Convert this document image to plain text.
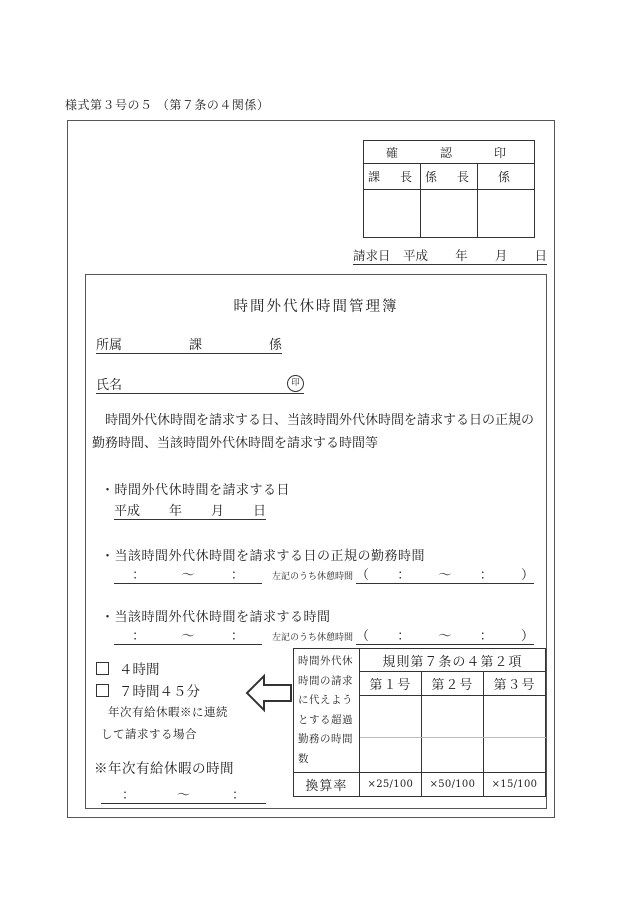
様式第３号の５ （第７条の４関係）
確　　認　　印		
課　長	係　長	係

請求日　平成 年 月 日
時間外代休時間管理簿
所属	課	係
氏名	印
時間外代休時間を請求する日、当該時間外代休時間を請求する日の正規の勤務時間、当該時間外代休時間を請求する時間等
・時間外代休時間を請求する日
平成 年 月 日
・当該時間外代休時間を請求する日の正規の勤務時間
：	～	：	左記のうち休憩時間 （ ： ～ ： ）
・当該時間外代休時間を請求する時間
：	～	：	左記のうち休憩時間 （ ： ～ ： ）
４時間
７時間４５分
年次有給休暇※に連続
して請求する場合
※年次有給休暇の時間
：	～	：
時間外代休
時間の請求
に代えよう
とする超過
勤務の時間
数
	規則第７条の４第２項
	第１号	第２号	第３号

換算率	×25/100	×50/100	×15/100
